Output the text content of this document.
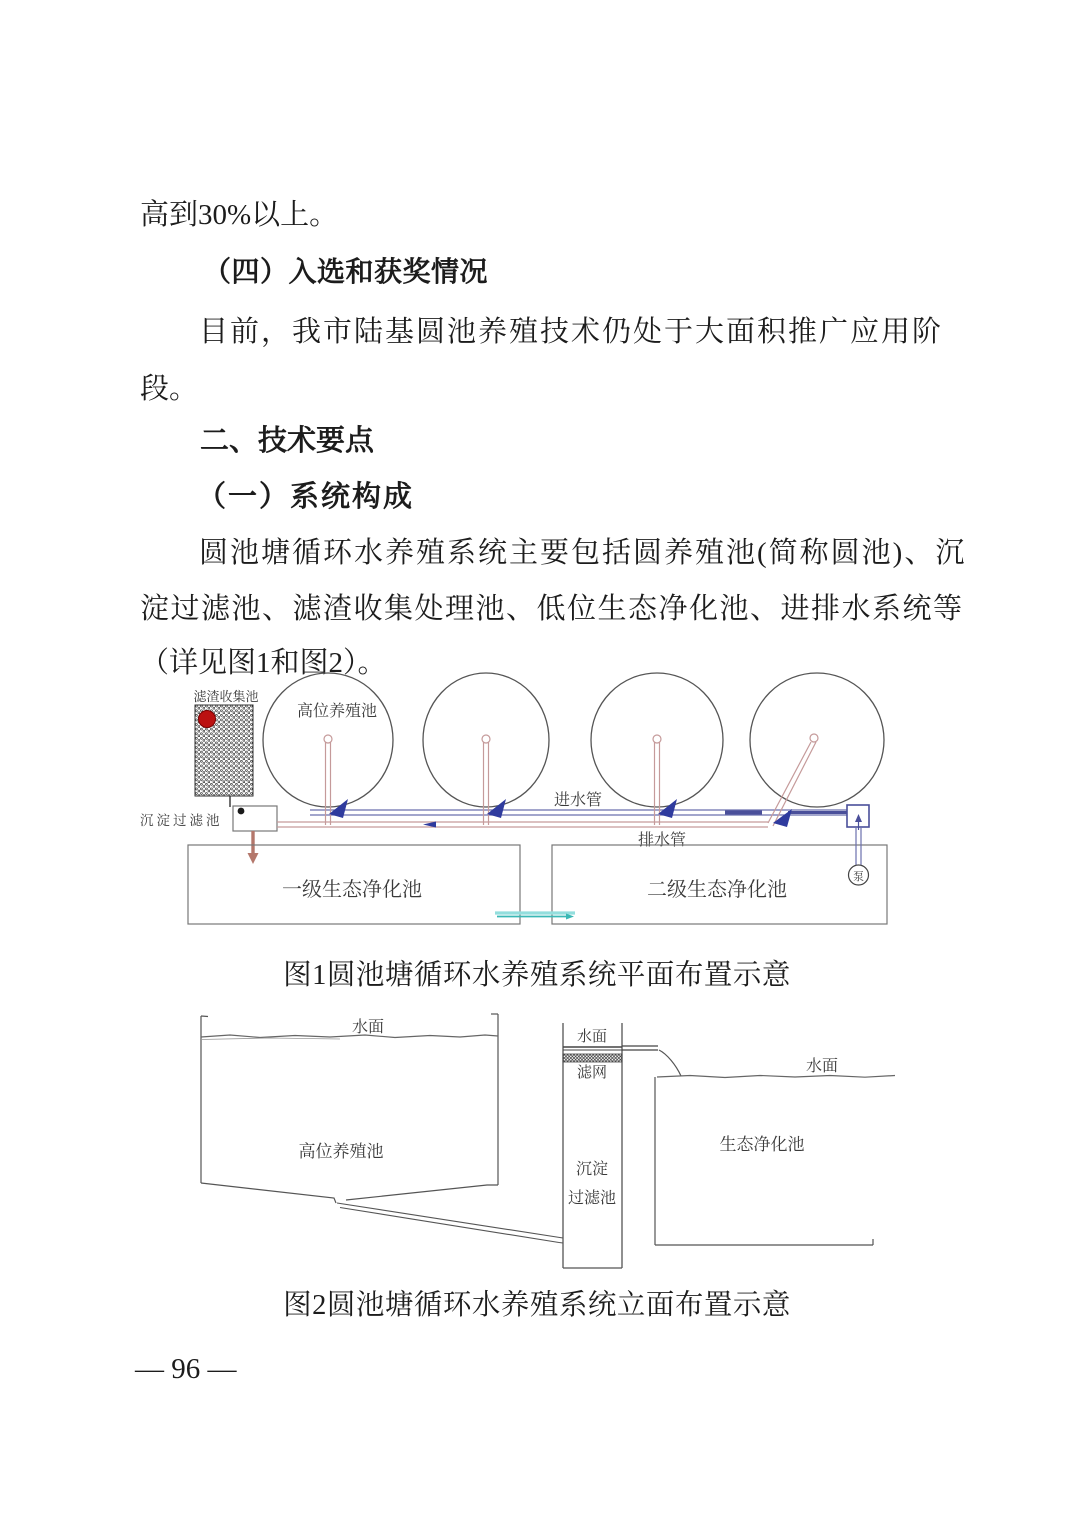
高到30%以上。
（四）入选和获奖情况
目前，我市陆基圆池养殖技术仍处于大面积推广应用阶
段。
二、技术要点
（一）系统构成
圆池塘循环水养殖系统主要包括圆养殖池(简称圆池)、沉
淀过滤池、滤渣收集处理池、低位生态净化池、进排水系统等
（详见图1和图2）。
滤渣收集池
沉淀过滤池
进水管
排水管
高位养殖池
一级生态净化池	二级生态净化池
泵
图1圆池塘循环水养殖系统平面布置示意
水面
高位养殖池
水面
滤网
沉淀
过滤池
水面
生态净化池
图2圆池塘循环水养殖系统立面布置示意
— 96 —
